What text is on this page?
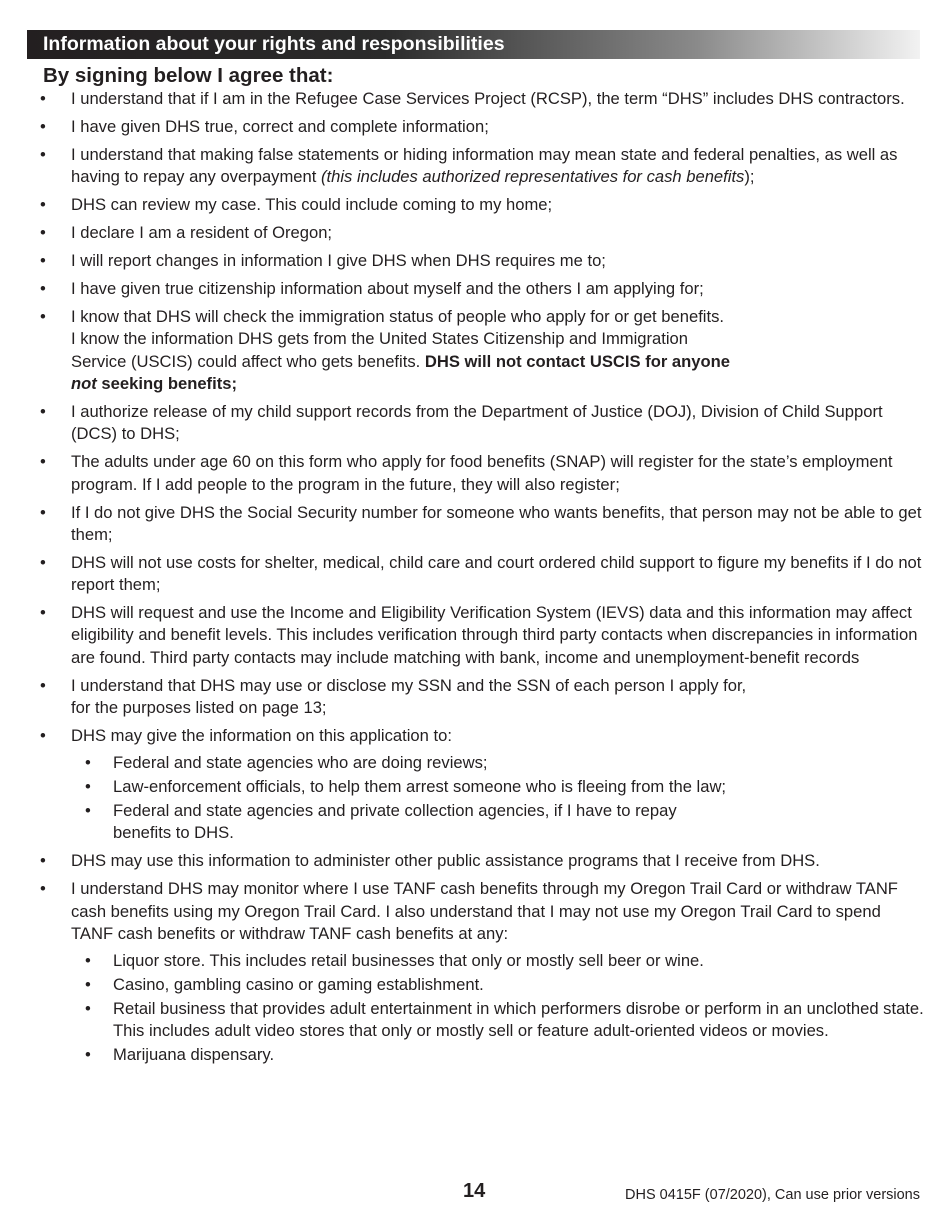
Information about your rights and responsibilities
By signing below I agree that:
• I understand that if I am in the Refugee Case Services Project (RCSP), the term “DHS” includes DHS contractors.
• I have given DHS true, correct and complete information;
• I understand that making false statements or hiding information may mean state and federal penalties, as well as having to repay any overpayment (this includes authorized representatives for cash benefits);
• DHS can review my case. This could include coming to my home;
• I declare I am a resident of Oregon;
• I will report changes in information I give DHS when DHS requires me to;
• I have given true citizenship information about myself and the others I am applying for;
• I know that DHS will check the immigration status of people who apply for or get benefits.
I know the information DHS gets from the United States Citizenship and Immigration
Service (USCIS) could affect who gets benefits. DHS will not contact USCIS for anyone
not seeking benefits;
• I authorize release of my child support records from the Department of Justice (DOJ), Division of Child Support (DCS) to DHS;
• The adults under age 60 on this form who apply for food benefits (SNAP) will register for the state’s employment program. If I add people to the program in the future, they will also register;
• If I do not give DHS the Social Security number for someone who wants benefits, that person may not be able to get them;
• DHS will not use costs for shelter, medical, child care and court ordered child support to figure my benefits if I do not report them;
• DHS will request and use the Income and Eligibility Verification System (IEVS) data and this information may affect eligibility and benefit levels. This includes verification through third party contacts when discrepancies in information are found. Third party contacts may include matching with bank, income and unemployment-benefit records
• I understand that DHS may use or disclose my SSN and the SSN of each person I apply for,
for the purposes listed on page 13;
• DHS may give the information on this application to:
• Federal and state agencies who are doing reviews;
• Law-enforcement officials, to help them arrest someone who is fleeing from the law;
• Federal and state agencies and private collection agencies, if I have to repay
benefits to DHS.
• DHS may use this information to administer other public assistance programs that I receive from DHS.
• I understand DHS may monitor where I use TANF cash benefits through my Oregon Trail Card or withdraw TANF cash benefits using my Oregon Trail Card. I also understand that I may not use my Oregon Trail Card to spend TANF cash benefits or withdraw TANF cash benefits at any:
• Liquor store. This includes retail businesses that only or mostly sell beer or wine.
• Casino, gambling casino or gaming establishment.
• Retail business that provides adult entertainment in which performers disrobe or perform in an unclothed state. This includes adult video stores that only or mostly sell or feature adult-oriented videos or movies.
• Marijuana dispensary.
14	DHS 0415F (07/2020), Can use prior versions
